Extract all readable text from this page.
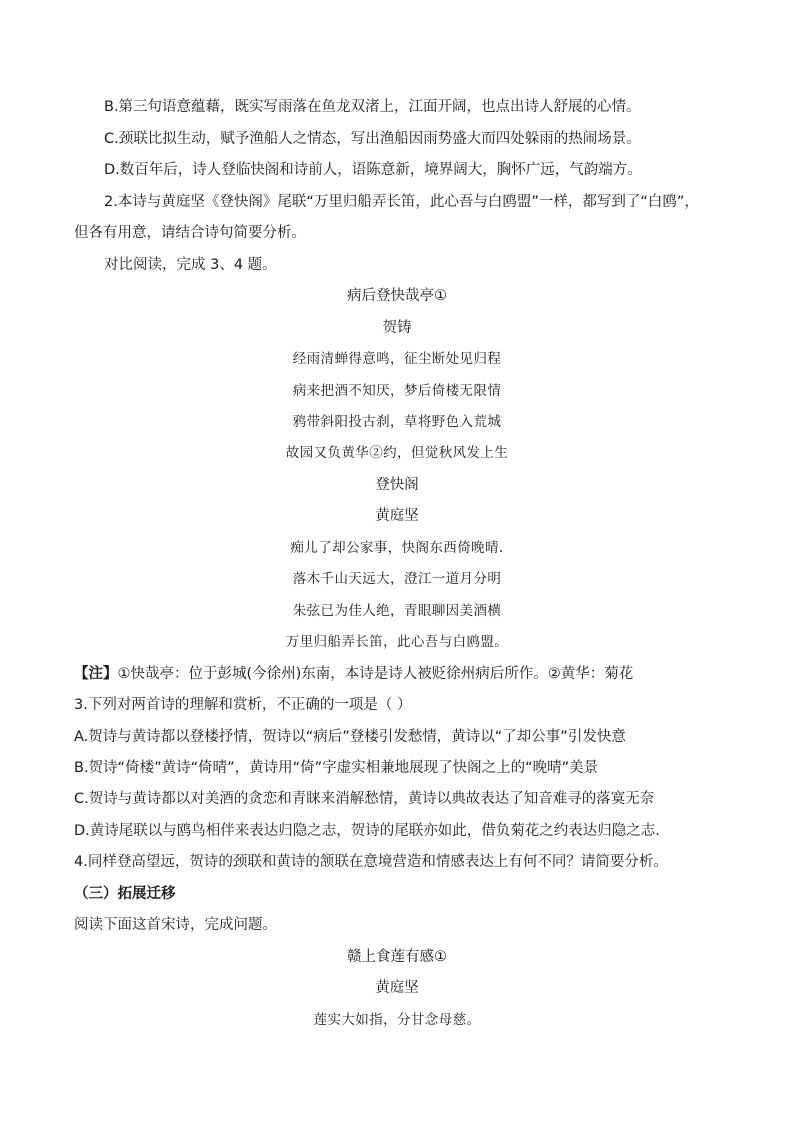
B.第三句语意蕴藉，既实写雨落在鱼龙双渚上，江面开阔，也点出诗人舒展的心情。

C.颈联比拟生动，赋予渔船人之情态，写出渔船因雨势盛大而四处躲雨的热闹场景。

D.数百年后，诗人登临快阁和诗前人，语陈意新，境界阔大，胸怀广远，气韵端方。

2.本诗与黄庭坚《登快阁》尾联“万里归船弄长笛，此心吾与白鸥盟”一样，都写到了“白鸥”，

但各有用意，请结合诗句简要分析。

对比阅读，完成 3、4 题。

病后登快哉亭①

贺铸

经雨清蝉得意鸣，征尘断处见归程

病来把酒不知厌，梦后倚楼无限情

鸦带斜阳投古刹，草将野色入荒城

故园又负黄华②约，但觉秋风发上生

登快阁

黄庭坚

痴儿了却公家事，快阁东西倚晚晴.

落木千山天远大，澄江一道月分明

朱弦已为佳人绝，青眼聊因美酒横

万里归船弄长笛，此心吾与白鸥盟。

【注】①快哉亭：位于彭城(今徐州)东南，本诗是诗人被贬徐州病后所作。②黄华：菊花

3.下列对两首诗的理解和赏析，不正确的一项是（ ）

A.贺诗与黄诗都以登楼抒情，贺诗以“病后”登楼引发愁情，黄诗以“了却公事”引发快意

B.贺诗“倚楼”黄诗“倚晴”，黄诗用“倚”字虚实相兼地展现了快阁之上的“晚晴”美景

C.贺诗与黄诗都以对美酒的贪恋和青睐来消解愁情，黄诗以典故表达了知音难寻的落寞无奈

D.黄诗尾联以与鸥鸟相伴来表达归隐之志，贺诗的尾联亦如此，借负菊花之约表达归隐之志.

4.同样登高望远，贺诗的颈联和黄诗的颔联在意境营造和情感表达上有何不同？请简要分析。

（三）拓展迁移

阅读下面这首宋诗，完成问题。

赣上食莲有感①

黄庭坚

莲实大如指，分甘念母慈。
